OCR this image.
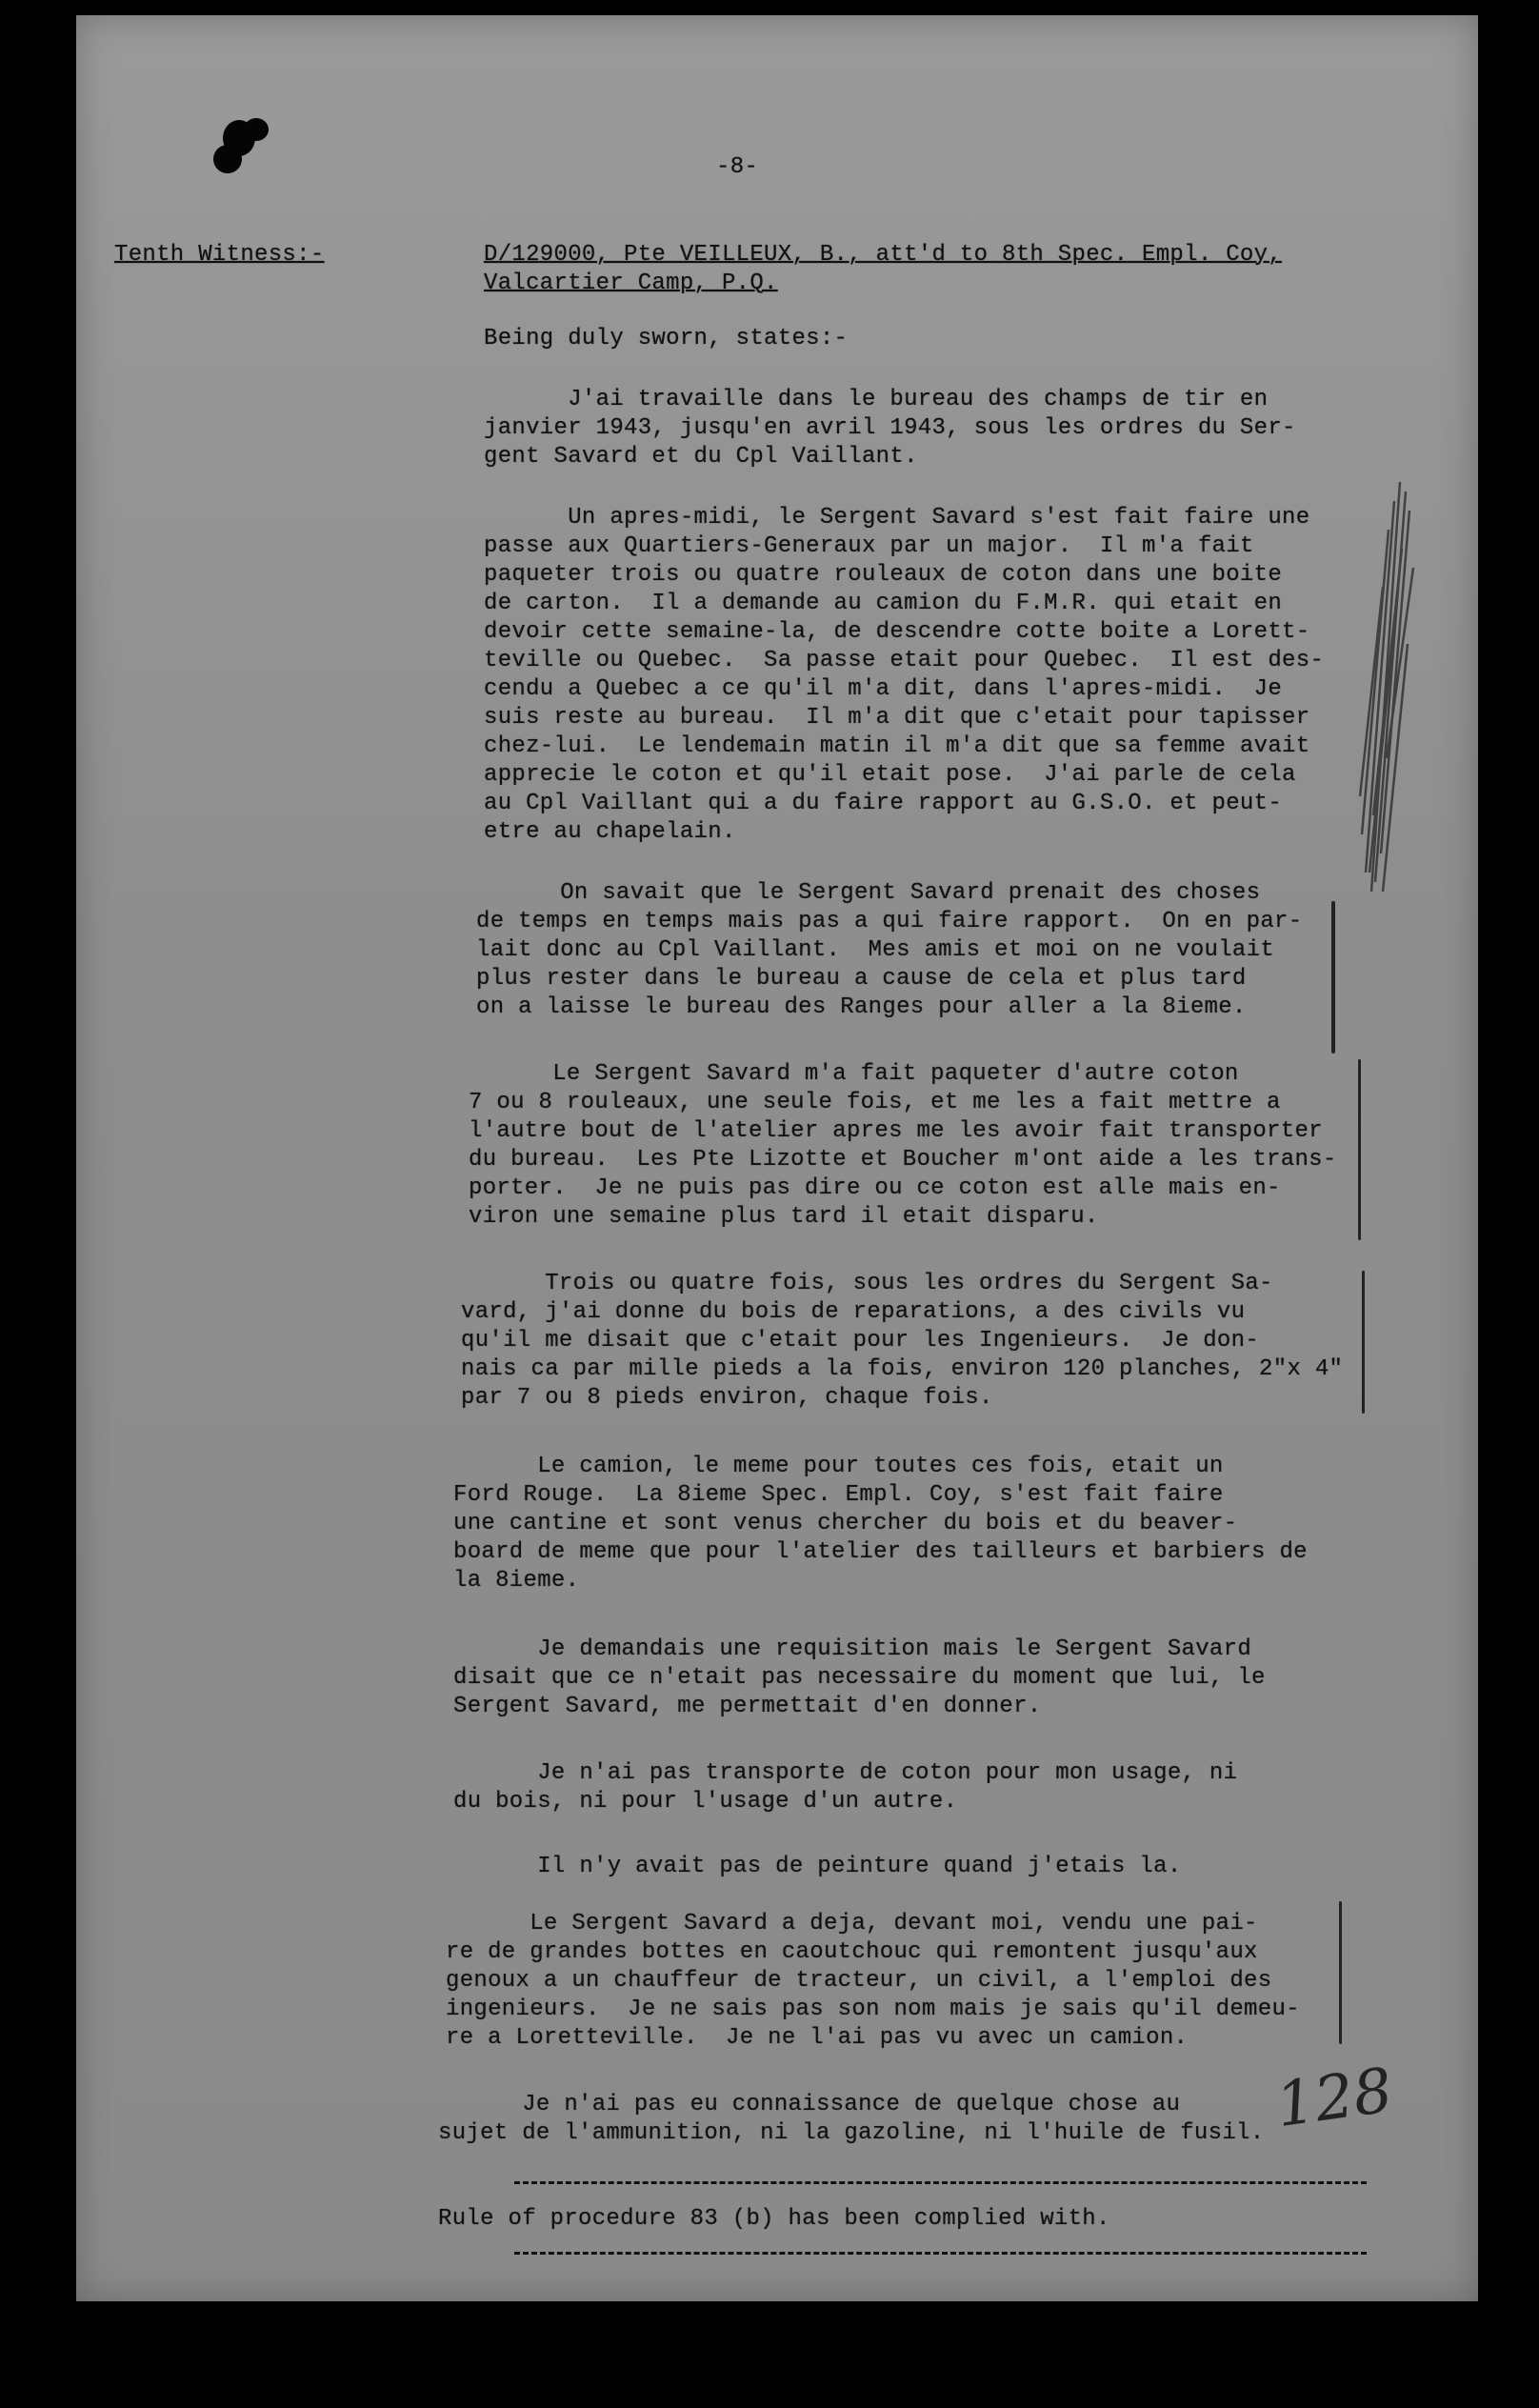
-8-
Tenth Witness:-	D/129000, Pte VEILLEUX, B., att'd to 8th Spec. Empl. Coy,
Valcartier Camp, P.Q.
Being duly sworn, states:-
J'ai travaille dans le bureau des champs de tir en
janvier 1943, jusqu'en avril 1943, sous les ordres du Ser-
gent Savard et du Cpl Vaillant.
Un apres-midi, le Sergent Savard s'est fait faire une
passe aux Quartiers-Generaux par un major.  Il m'a fait
paqueter trois ou quatre rouleaux de coton dans une boite
de carton.  Il a demande au camion du F.M.R. qui etait en
devoir cette semaine-la, de descendre cotte boite a Lorett-
teville ou Quebec.  Sa passe etait pour Quebec.  Il est des-
cendu a Quebec a ce qu'il m'a dit, dans l'apres-midi.  Je
suis reste au bureau.  Il m'a dit que c'etait pour tapisser
chez-lui.  Le lendemain matin il m'a dit que sa femme avait
apprecie le coton et qu'il etait pose.  J'ai parle de cela
au Cpl Vaillant qui a du faire rapport au G.S.O. et peut-
etre au chapelain.
On savait que le Sergent Savard prenait des choses
de temps en temps mais pas a qui faire rapport.  On en par-
lait donc au Cpl Vaillant.  Mes amis et moi on ne voulait
plus rester dans le bureau a cause de cela et plus tard
on a laisse le bureau des Ranges pour aller a la 8ieme.
Le Sergent Savard m'a fait paqueter d'autre coton
7 ou 8 rouleaux, une seule fois, et me les a fait mettre a
l'autre bout de l'atelier apres me les avoir fait transporter
du bureau.  Les Pte Lizotte et Boucher m'ont aide a les trans-
porter.  Je ne puis pas dire ou ce coton est alle mais en-
viron une semaine plus tard il etait disparu.
Trois ou quatre fois, sous les ordres du Sergent Sa-
vard, j'ai donne du bois de reparations, a des civils vu
qu'il me disait que c'etait pour les Ingenieurs.  Je don-
nais ca par mille pieds a la fois, environ 120 planches, 2"x 4"
par 7 ou 8 pieds environ, chaque fois.
Le camion, le meme pour toutes ces fois, etait un
Ford Rouge.  La 8ieme Spec. Empl. Coy, s'est fait faire
une cantine et sont venus chercher du bois et du beaver-
board de meme que pour l'atelier des tailleurs et barbiers de
la 8ieme.
Je demandais une requisition mais le Sergent Savard
disait que ce n'etait pas necessaire du moment que lui, le
Sergent Savard, me permettait d'en donner.
Je n'ai pas transporte de coton pour mon usage, ni
du bois, ni pour l'usage d'un autre.
Il n'y avait pas de peinture quand j'etais la.
Le Sergent Savard a deja, devant moi, vendu une pai-
re de grandes bottes en caoutchouc qui remontent jusqu'aux
genoux a un chauffeur de tracteur, un civil, a l'emploi des
ingenieurs.  Je ne sais pas son nom mais je sais qu'il demeu-
re a Loretteville.  Je ne l'ai pas vu avec un camion.
Je n'ai pas eu connaissance de quelque chose au
sujet de l'ammunition, ni la gazoline, ni l'huile de fusil.
Rule of procedure 83 (b) has been complied with.
128
